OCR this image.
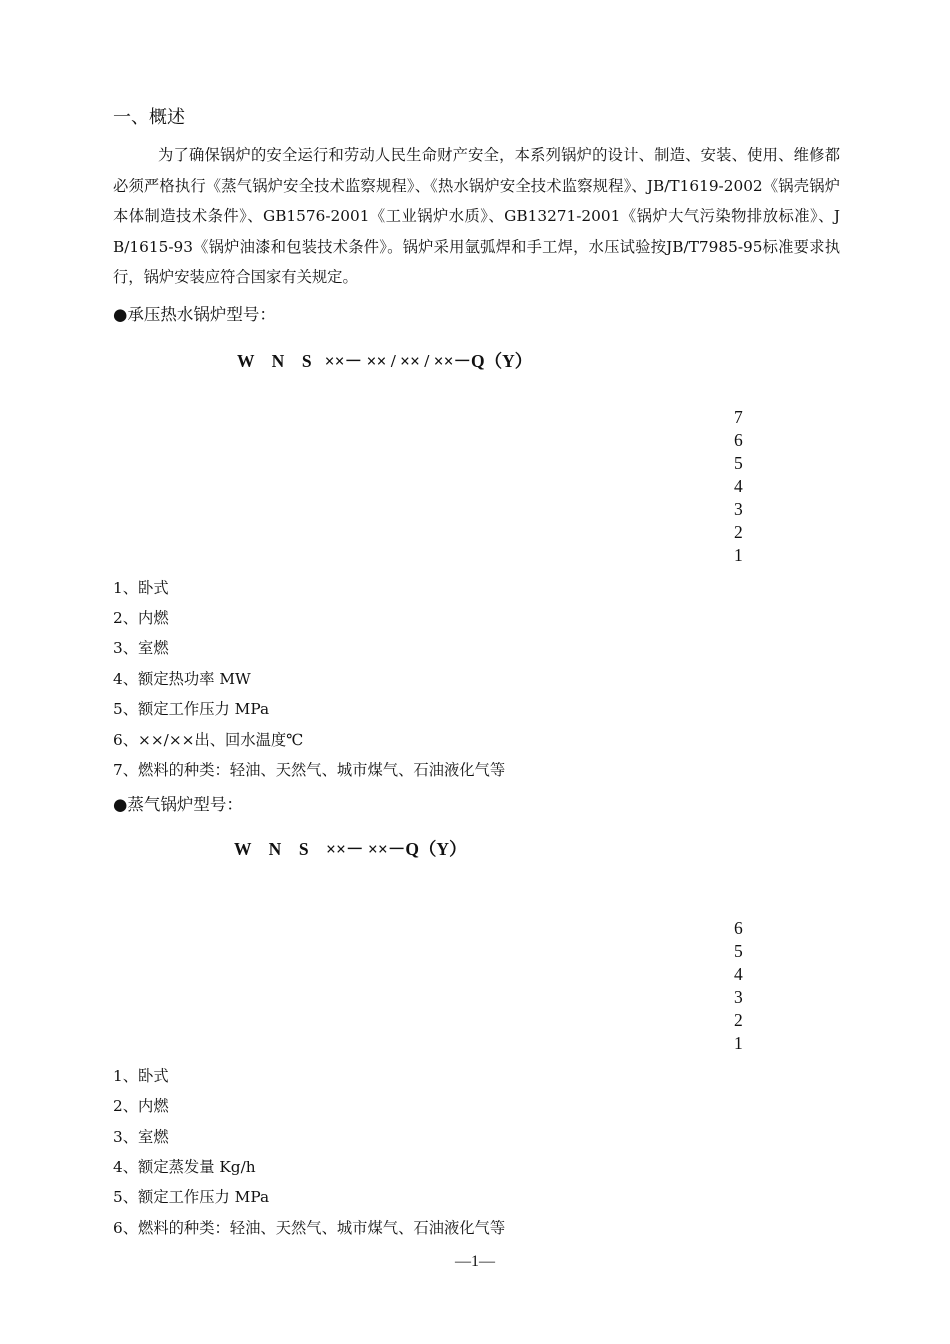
一、概述
为了确保锅炉的安全运行和劳动人民生命财产安全，本系列锅炉的设计、制造、安装、使用、维修都必须严格执行《蒸气锅炉安全技术监察规程》、《热水锅炉安全技术监察规程》、JB/T1619-2002《锅壳锅炉本体制造技术条件》、GB1576-2001《工业锅炉水质》、GB13271-2001《锅炉大气污染物排放标准》、JB/1615-93《锅炉油漆和包装技术条件》。锅炉采用氩弧焊和手工焊，水压试验按JB/T7985-95标准要求执行，锅炉安装应符合国家有关规定。
●承压热水锅炉型号：
W    N    S   ××－ ×× / ×× / ××－Q（Y）
7
6
5
4
3
2
1
1、卧式
2、内燃
3、室燃
4、额定热功率 MW
5、额定工作压力 MPa
6、××/××出、回水温度℃
7、燃料的种类：轻油、天然气、城市煤气、石油液化气等
●蒸气锅炉型号：
W    N    S    ××－ ××－Q（Y）
6
5
4
3
2
1
1、卧式
2、内燃
3、室燃
4、额定蒸发量 Kg/h
5、额定工作压力 MPa
6、燃料的种类：轻油、天然气、城市煤气、石油液化气等
—1—
